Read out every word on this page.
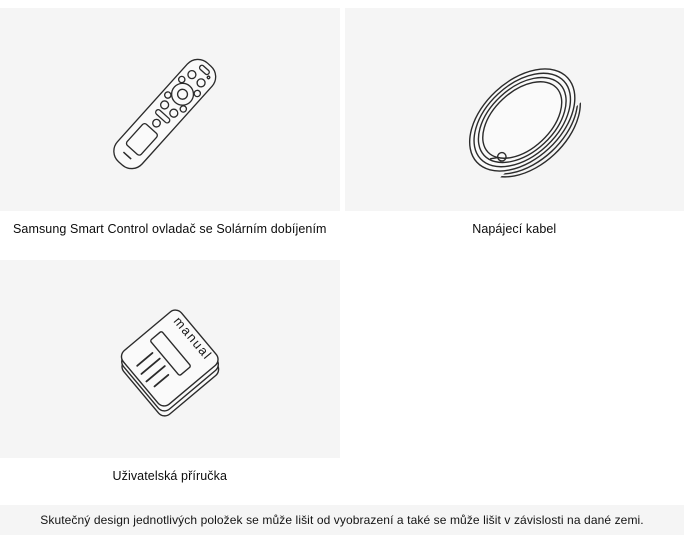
Samsung Smart Control ovladač se Solárním dobíjením	Napájecí kabel
manual
Uživatelská příručka
Skutečný design jednotlivých položek se může lišit od vyobrazení a také se může lišit v závislosti na dané zemi.
